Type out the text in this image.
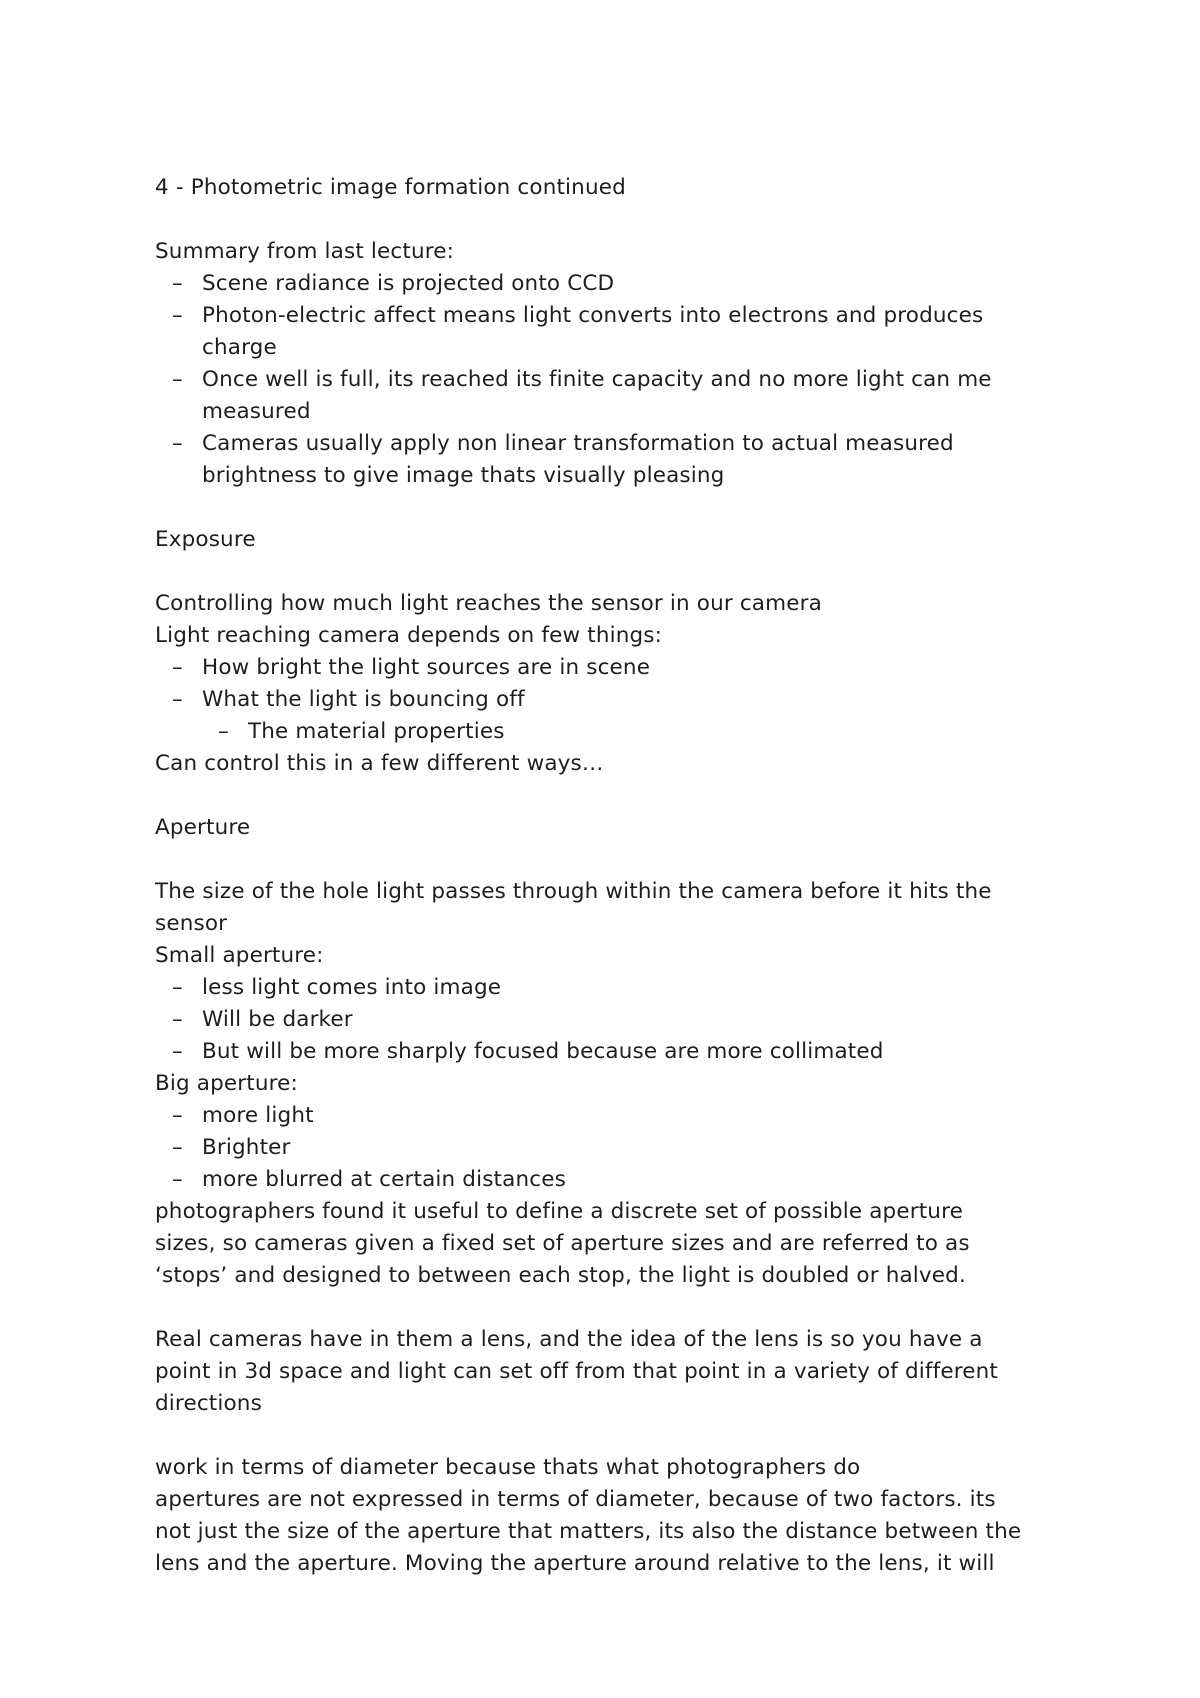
4 - Photometric image formation continued
Summary from last lecture:
– Scene radiance is projected onto CCD
– Photon-electric affect means light converts into electrons and produces
charge
– Once well is full, its reached its finite capacity and no more light can me
measured
– Cameras usually apply non linear transformation to actual measured
brightness to give image thats visually pleasing
Exposure
Controlling how much light reaches the sensor in our camera
Light reaching camera depends on few things:
– How bright the light sources are in scene
– What the light is bouncing off
– The material properties
Can control this in a few different ways…
Aperture
The size of the hole light passes through within the camera before it hits the
sensor
Small aperture:
– less light comes into image
– Will be darker
– But will be more sharply focused because are more collimated
Big aperture:
– more light
– Brighter
– more blurred at certain distances
photographers found it useful to define a discrete set of possible aperture
sizes, so cameras given a fixed set of aperture sizes and are referred to as
‘stops’ and designed to between each stop, the light is doubled or halved.
Real cameras have in them a lens, and the idea of the lens is so you have a
point in 3d space and light can set off from that point in a variety of different
directions
work in terms of diameter because thats what photographers do
apertures are not expressed in terms of diameter, because of two factors. its
not just the size of the aperture that matters, its also the distance between the
lens and the aperture. Moving the aperture around relative to the lens, it will
